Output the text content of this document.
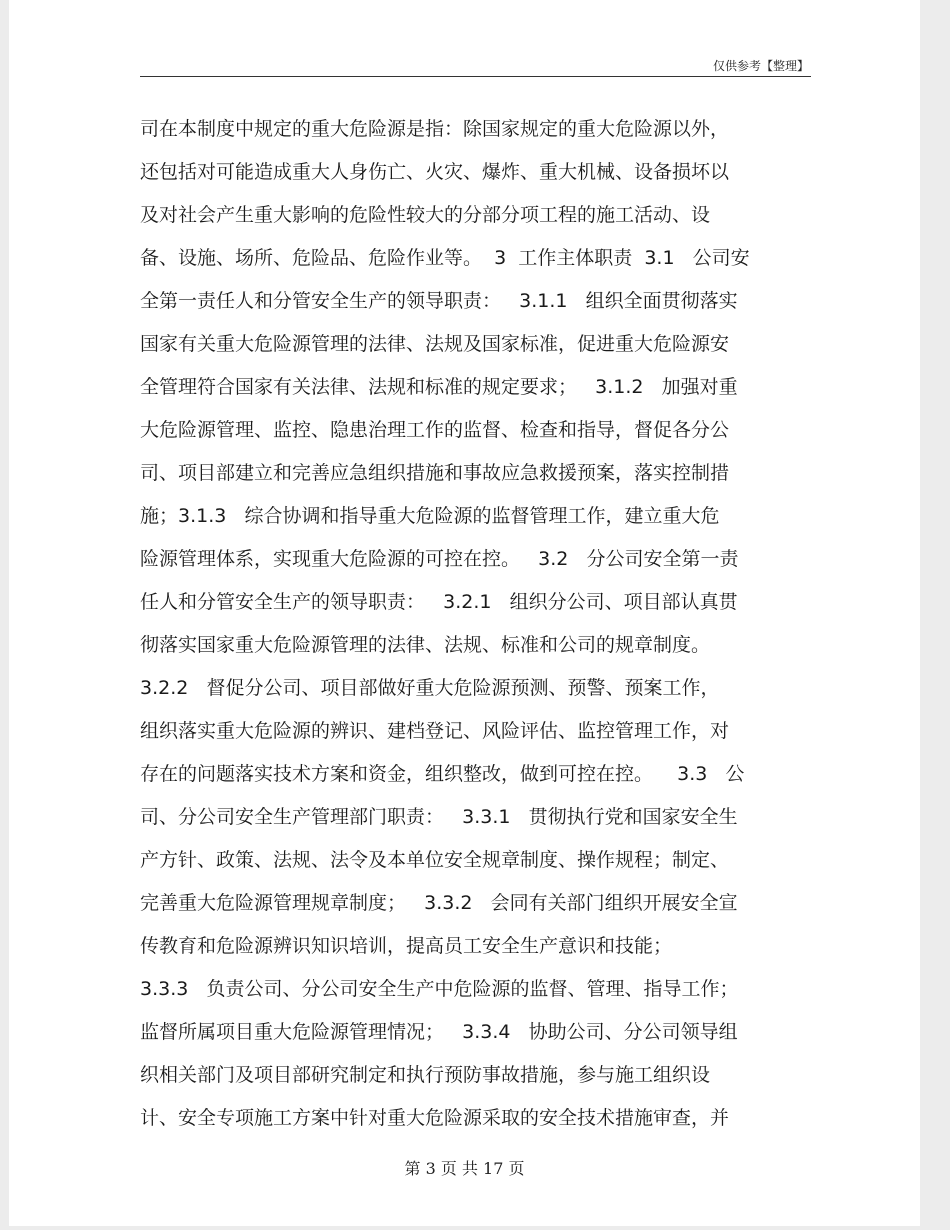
仅供参考【整理】
司在本制度中规定的重大危险源是指：除国家规定的重大危险源以外，
还包括对可能造成重大人身伤亡、火灾、爆炸、重大机械、设备损坏以
及对社会产生重大影响的危险性较大的分部分项工程的施工活动、设
备、设施、场所、危险品、危险作业等。  3  工作主体职责  3.1   公司安
全第一责任人和分管安全生产的领导职责：   3.1.1   组织全面贯彻落实
国家有关重大危险源管理的法律、法规及国家标准，促进重大危险源安
全管理符合国家有关法律、法规和标准的规定要求；   3.1.2   加强对重
大危险源管理、监控、隐患治理工作的监督、检查和指导，督促各分公
司、项目部建立和完善应急组织措施和事故应急救援预案，落实控制措
施；3.1.3   综合协调和指导重大危险源的监督管理工作，建立重大危
险源管理体系，实现重大危险源的可控在控。   3.2   分公司安全第一责
任人和分管安全生产的领导职责：   3.2.1   组织分公司、项目部认真贯
彻落实国家重大危险源管理的法律、法规、标准和公司的规章制度。
3.2.2   督促分公司、项目部做好重大危险源预测、预警、预案工作，
组织落实重大危险源的辨识、建档登记、风险评估、监控管理工作，对
存在的问题落实技术方案和资金，组织整改，做到可控在控。    3.3   公
司、分公司安全生产管理部门职责：   3.3.1   贯彻执行党和国家安全生
产方针、政策、法规、法令及本单位安全规章制度、操作规程；制定、
完善重大危险源管理规章制度；   3.3.2   会同有关部门组织开展安全宣
传教育和危险源辨识知识培训，提高员工安全生产意识和技能；
3.3.3   负责公司、分公司安全生产中危险源的监督、管理、指导工作；
监督所属项目重大危险源管理情况；   3.3.4   协助公司、分公司领导组
织相关部门及项目部研究制定和执行预防事故措施，参与施工组织设
计、安全专项施工方案中针对重大危险源采取的安全技术措施审查，并
第 3 页 共 17 页
